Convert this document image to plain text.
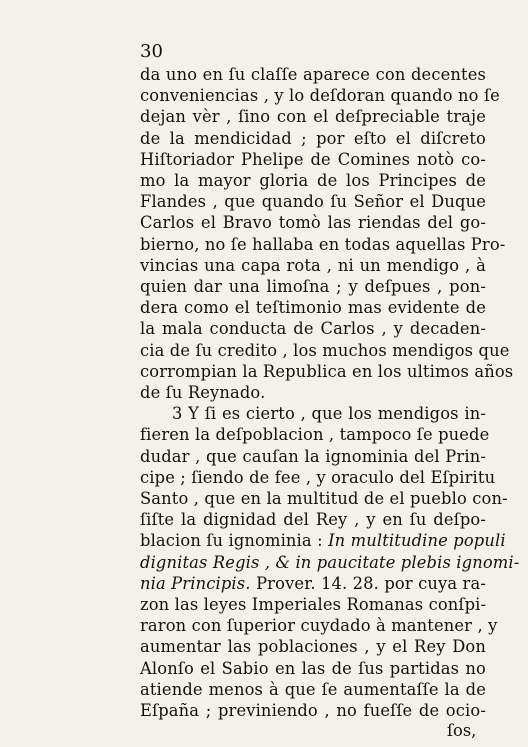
30
da uno en ſu claſſe aparece con decentes
conveniencias , y lo deſdoran quando no ſe
dejan vèr , ſino con el deſpreciable traje
de la mendicidad ; por eſto el diſcreto
Hiſtoriador Phelipe de Comines notò co-
mo la mayor gloria de los Principes de
Flandes , que quando ſu Señor el Duque
Carlos el Bravo tomò las riendas del go-
bierno, no ſe hallaba en todas aquellas Pro-
vincias una capa rota , ni un mendigo , à
quien dar una limoſna ; y deſpues , pon-
dera como el teſtimonio mas evidente de
la mala conducta de Carlos , y decaden-
cia de ſu credito , los muchos mendigos que
corrompian la Republica en los ultimos años
de ſu Reynado.
3 Y ſi es cierto , que los mendigos in-
fieren la deſpoblacion , tampoco ſe puede
dudar , que cauſan la ignominia del Prin-
cipe ; ſiendo de fee , y oraculo del Eſpiritu
Santo , que en la multitud de el pueblo con-
ſiſte la dignidad del Rey , y en ſu deſpo-
blacion ſu ignominia : In multitudine populi
dignitas Regis , & in paucitate plebis ignomi-
nia Principis. Prover. 14. 28. por cuya ra-
zon las leyes Imperiales Romanas conſpi-
raron con ſuperior cuydado à mantener , y
aumentar las poblaciones , y el Rey Don
Alonſo el Sabio en las de ſus partidas no
atiende menos à que ſe aumentaſſe la de
Eſpaña ; previniendo , no fueſſe de ocio-
ſos,
